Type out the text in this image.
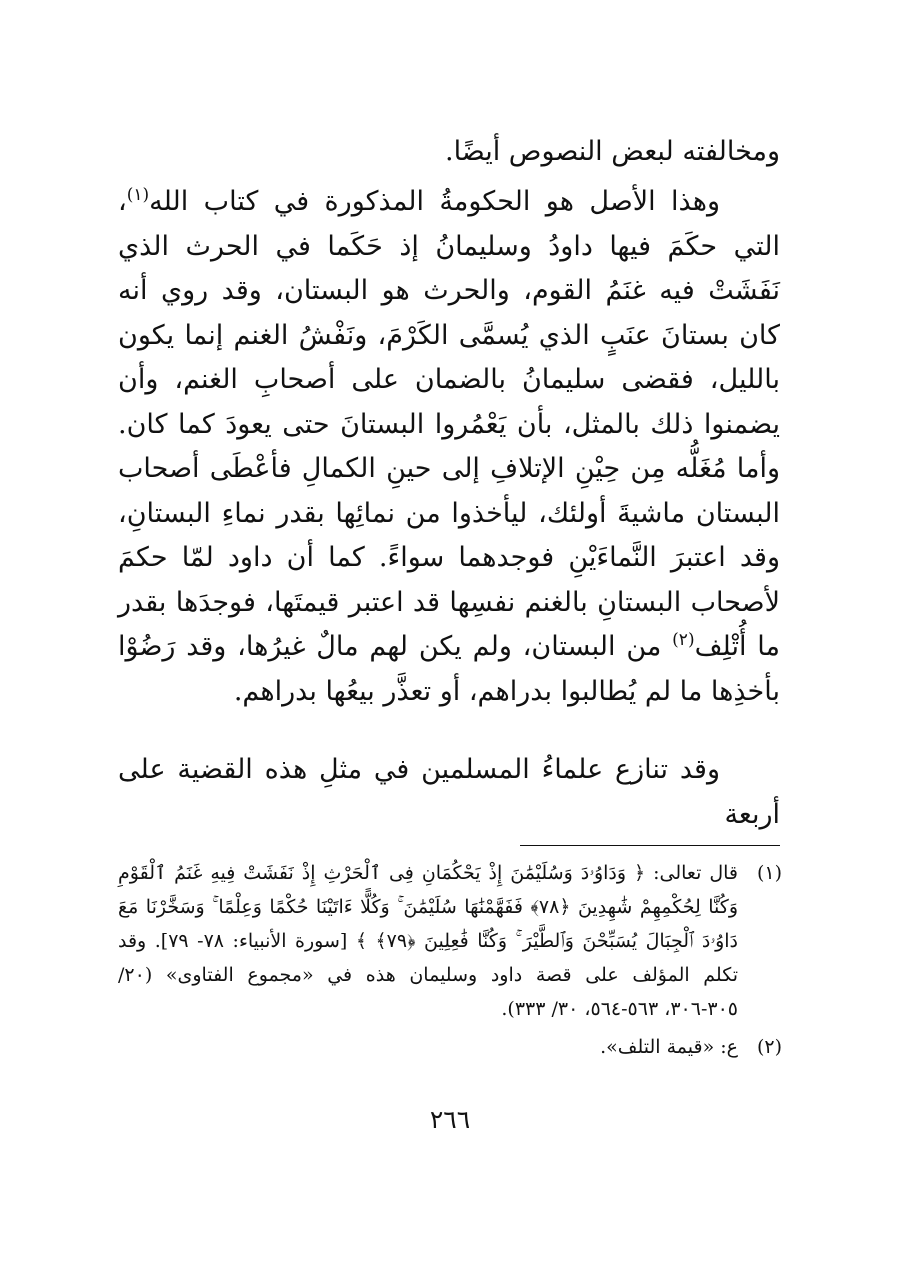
ومخالفته لبعض النصوص أيضًا.

وهذا الأصل هو الحكومةُ المذكورة في كتاب الله$^{(١)}$، التي حكَمَ فيها داودُ وسليمانُ إذ حَكَما في الحرث الذي نَفَشَتْ فيه غنَمُ القوم، والحرث هو البستان، وقد روي أنه كان بستانَ عنَبٍ الذي يُسمَّى الكَرْمَ، ونَفْشُ الغنم إنما يكون بالليل، فقضى سليمانُ بالضمان على أصحابِ الغنم، وأن يضمنوا ذلك بالمثل، بأن يَعْمُروا البستانَ حتى يعودَ كما كان. وأما مُغَلُّه مِن حِيْنِ الإتلافِ إلى حينِ الكمالِ فأعْطَى أصحاب البستان ماشيةَ أولئك، ليأخذوا من نمائِها بقدر نماءِ البستانِ، وقد اعتبرَ النَّماءَيْنِ فوجدهما سواءً. كما أن داود لمّا حكمَ لأصحاب البستانِ بالغنم نفسِها قد اعتبر قيمتَها، فوجدَها بقدر ما أُتْلِف$^{(٢)}$ من البستان، ولم يكن لهم مالٌ غيرُها، وقد رَضُوْا بأخذِها ما لم يُطالبوا بدراهم، أو تعذَّر بيعُها بدراهم.

وقد تنازع علماءُ المسلمين في مثلِ هذه القضية على أربعة

(١)
قال تعالى: ﴿ وَدَاوُۥدَ وَسُلَيْمَٰنَ إِذْ يَحْكُمَانِ فِى ٱلْحَرْثِ إِذْ نَفَشَتْ فِيهِ غَنَمُ ٱلْقَوْمِ وَكُنَّا لِحُكْمِهِمْ شَٰهِدِينَ ﴿٧٨﴾ فَفَهَّمْنَٰهَا سُلَيْمَٰنَ ۚ وَكُلًّا ءَاتَيْنَا حُكْمًا وَعِلْمًا ۚ وَسَخَّرْنَا مَعَ دَاوُۥدَ ٱلْجِبَالَ يُسَبِّحْنَ وَٱلطَّيْرَ ۚ وَكُنَّا فَٰعِلِينَ ﴿٧٩﴾ ﴾ [سورة الأنبياء: ٧٨- ٧٩]. وقد تكلم المؤلف على قصة داود وسليمان هذه في «مجموع الفتاوى» (٢٠/ ٣٠٥-٣٠٦، ٥٦٣-٥٦٤، ٣٠/ ٣٣٣).
(٢)
ع: «قيمة التلف».
٢٦٦
